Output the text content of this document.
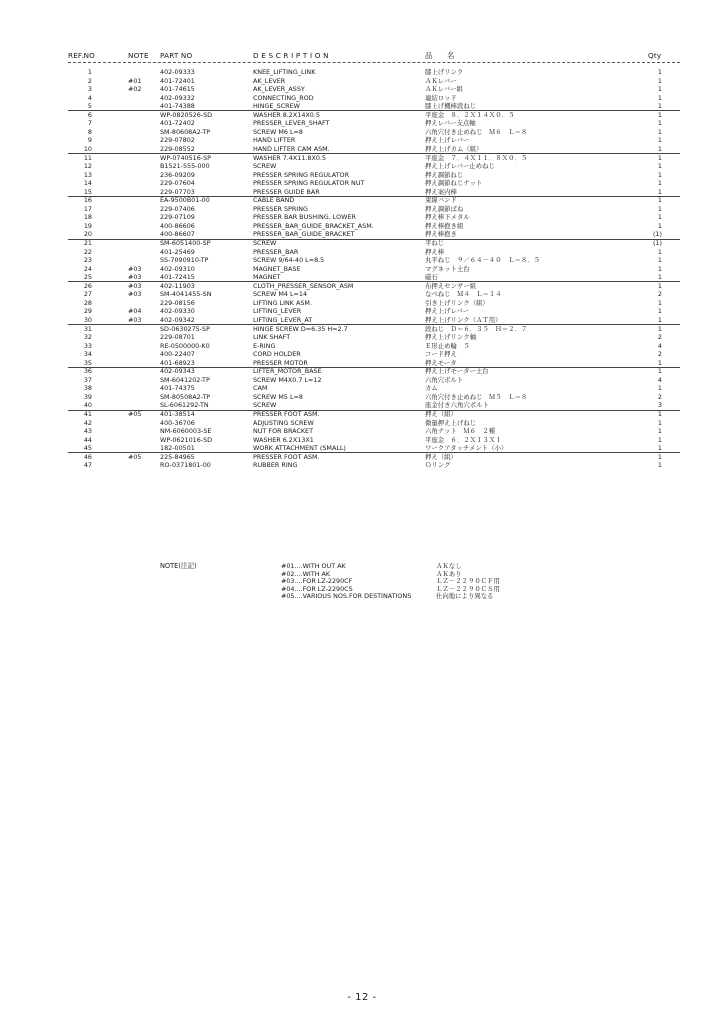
REF.NO	NOTE PART NO	D E S C R I P T I O N	品　　名	Qty
1	402-09333	KNEE_LIFTING_LINK	膝上げリンク	1
2	#01	401-72401	AK_LEVER	ＡＫレバー	1
3	#02	401-74615	AK_LEVER_ASSY	ＡＫレバー組	1
4	402-09332	CONNECTING_ROD	連結ロッド	1
5	401-74388	HINGE_SCREW	膝上げ機棒段ねじ	1
6	WP-0820526-SD	WASHER 8.2X14X0.5	平座金　８．２Ｘ１４Ｘ０．５	1
7	401-72402	PRESSER_LEVER_SHAFT	押えレバー支点軸	1
8	SM-80608A2-TP	SCREW M6 L=8	六角穴付き止めねじ　Ｍ６　Ｌ＝８	1
9	229-07802	HAND LIFTER	押え上げレバー	1
10	229-08552	HAND LIFTER CAM ASM.	押え上げカム（組）	1
11	WP-0740516-SP	WASHER 7.4X11.8X0.5	平座金　７．４Ｘ１１．８Ｘ０．５	1
12	B1521-555-000	SCREW	押え上げレバー止めねじ	1
13	236-09209	PRESSER SPRING REGULATOR	押え調節ねじ	1
14	229-07604	PRESSER SPRING REGULATOR NUT	押え調節ねじナット	1
15	229-07703	PRESSER GUIDE BAR	押え案内棒	1
16	EA-9500B01-00	CABLE BAND	束線バンド	1
17	229-07406	PRESSER SPRING	押え調節ばね	1
18	229-07109	PRESSER BAR BUSHING, LOWER	押え棒下メタル	1
19	400-86606	PRESSER_BAR_GUIDE_BRACKET_ASM.	押え棒抱き組	1
20	400-86607	PRESSER_BAR_GUIDE_BRACKET	押え棒抱き	(1)
21	SM-6051400-SP	SCREW	平ねじ	(1)
22	401-25469	PRESSER_BAR	押え棒	1
23	SS-7090910-TP	SCREW 9/64-40 L=8.5	丸平ねじ　９／６４－４０　Ｌ＝８．５	1
24	#03	402-09310	MAGNET_BASE	マグネット土台	1
25	#03	401-72415	MAGNET	磁石	1
26	#03	402-11903	CLOTH_PRESSER_SENSOR_ASM	布押えセンサー組	1
27	#03	SM-4041455-SN	SCREW M4 L=14	なべねじ　Ｍ４　Ｌ＝１４	2
28	229-08156	LIFTING LINK ASM.	引き上げリンク（組）	1
29	#04	402-09330	LIFTING_LEVER	押え上げレバー	1
30	#03	402-09342	LIFTING_LEVER_AT	押え上げリンク（ＡＴ用）	1
31	SD-0630275-SP	HINGE SCREW D=6.35 H=2.7	段ねじ　Ｄ＝６．３５　Ｈ＝２．７	1
32	229-08701	LINK SHAFT	押え上げリンク軸	2
33	RE-0500000-K0	E-RING	Ｅ形止め輪　５	4
34	400-22407	CORD HOLDER	コード押え	2
35	401-68923	PRESSER MOTOR	押えモータ	1
36	402-09343	LIFTER_MOTOR_BASE	押え上げモーター土台	1
37	SM-6041202-TP	SCREW M4X0.7 L=12	六角穴ボルト	4
38	401-74375	CAM	カム	1
39	SM-80508A2-TP	SCREW M5 L=8	六角穴付き止めねじ　Ｍ５　Ｌ＝８	2
40	SL-6061292-TN	SCREW	座金付き六角穴ボルト	3
41	#05	401-38514	PRESSER FOOT ASM.	押え（組）	1
42	400-36706	ADJUSTING SCREW	微量押え上げねじ	1
43	NM-6060003-SE	NUT FOR BRACKET	六角ナット　Ｍ６　２種	1
44	WP-0621016-SD	WASHER 6.2X13X1	平座金　６．２Ｘ１３Ｘ１	1
45	182-00501	WORK ATTACHMENT (SMALL)	ワークアタッチメント（小）	1
46	#05	225-84965	PRESSER FOOT ASM.	押え（組）	1
47	RO-0371801-00	RUBBER RING	Ｏリング	1
NOTE(注記)	#01....WITH OUT AK	ＡＫなし
#02....WITH AK	ＡＫあり
#03....FOR LZ-2290CF	ＬＺ－２２９０ＣＦ用
#04....FOR LZ-2290CS	ＬＺ－２２９０ＣＳ用
#05....VARIOUS NOS.FOR DESTINATIONS	仕向地により異なる
- 12 -
